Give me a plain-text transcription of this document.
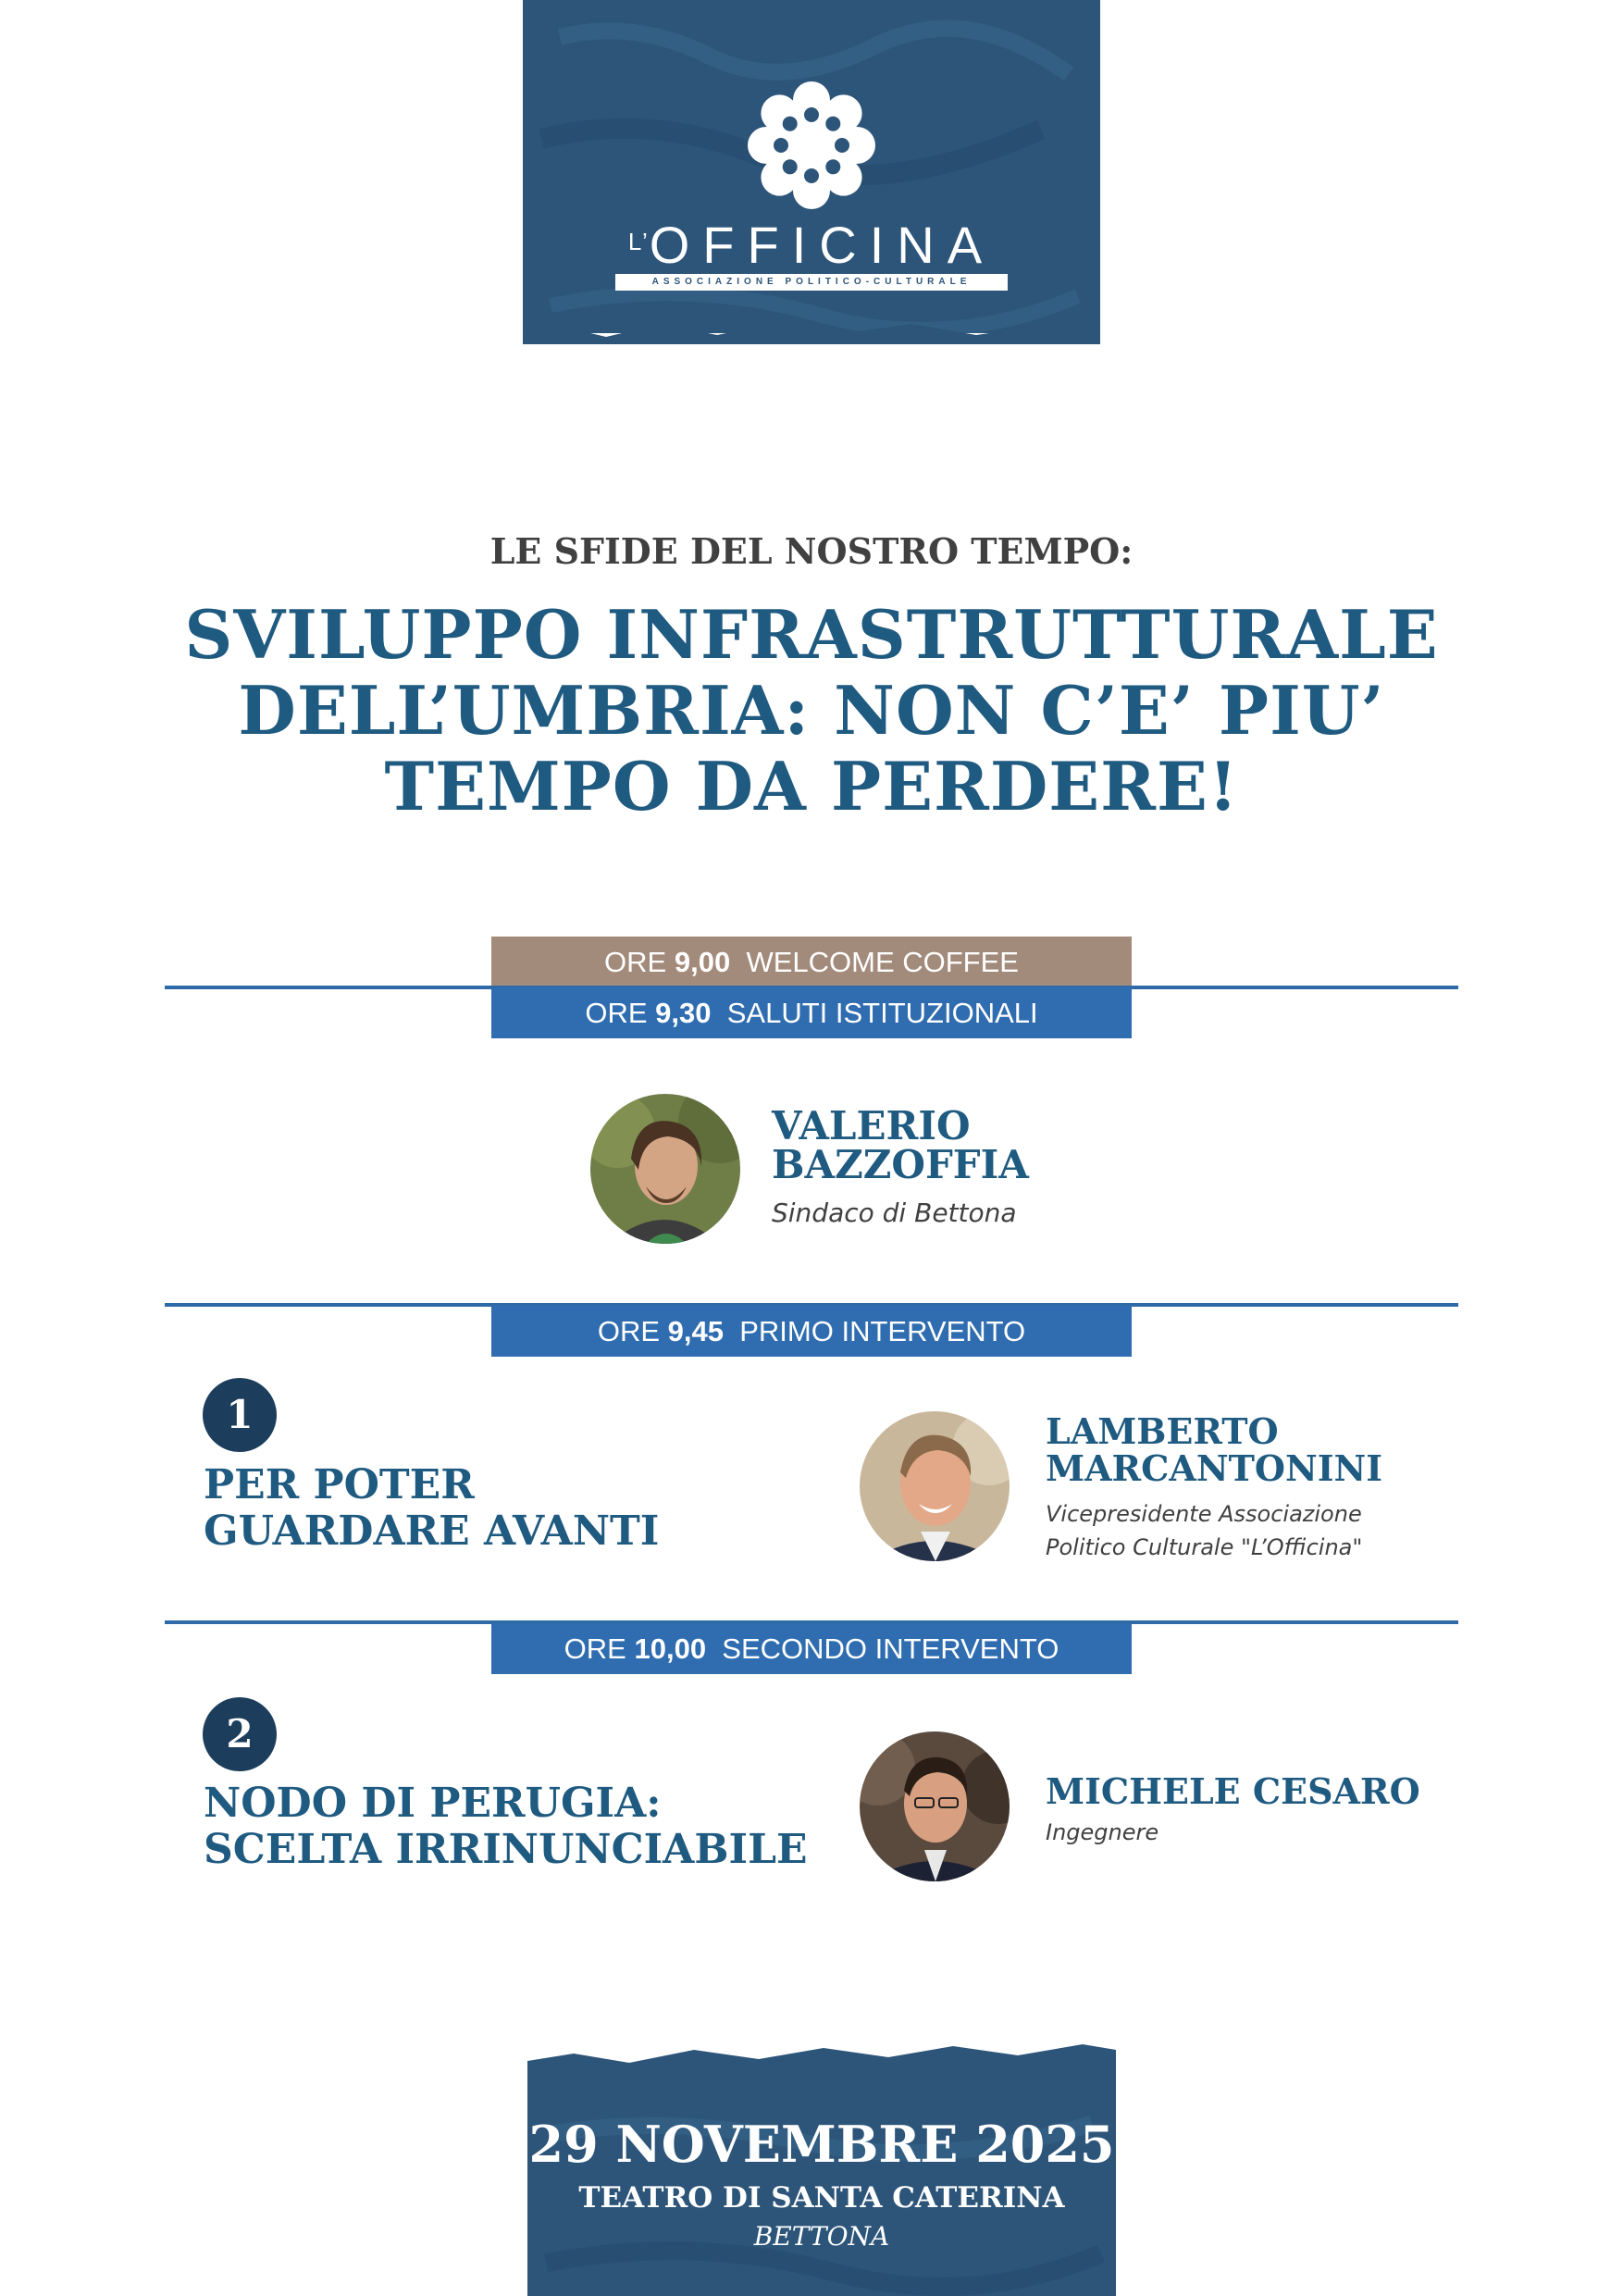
$^{L’}$OFFICINA
ASSOCIAZIONE POLITICO-CULTURALE
LE SFIDE DEL NOSTRO TEMPO:
SVILUPPO INFRASTRUTTURALE
DELL’UMBRIA: NON C’E’ PIU’
TEMPO DA PERDERE!
ORE 9,00 WELCOME COFFEE
ORE 9,30 SALUTI ISTITUZIONALI
VALERIO
BAZZOFFIA
Sindaco di Bettona
ORE 9,45 PRIMO INTERVENTO
1
PER POTER
GUARDARE AVANTI
LAMBERTO
MARCANTONINI
Vicepresidente Associazione
Politico Culturale "L’Officina"
ORE 10,00 SECONDO INTERVENTO
2
NODO DI PERUGIA:
SCELTA IRRINUNCIABILE
MICHELE CESARO
Ingegnere
29 NOVEMBRE 2025
TEATRO DI SANTA CATERINA
BETTONA
